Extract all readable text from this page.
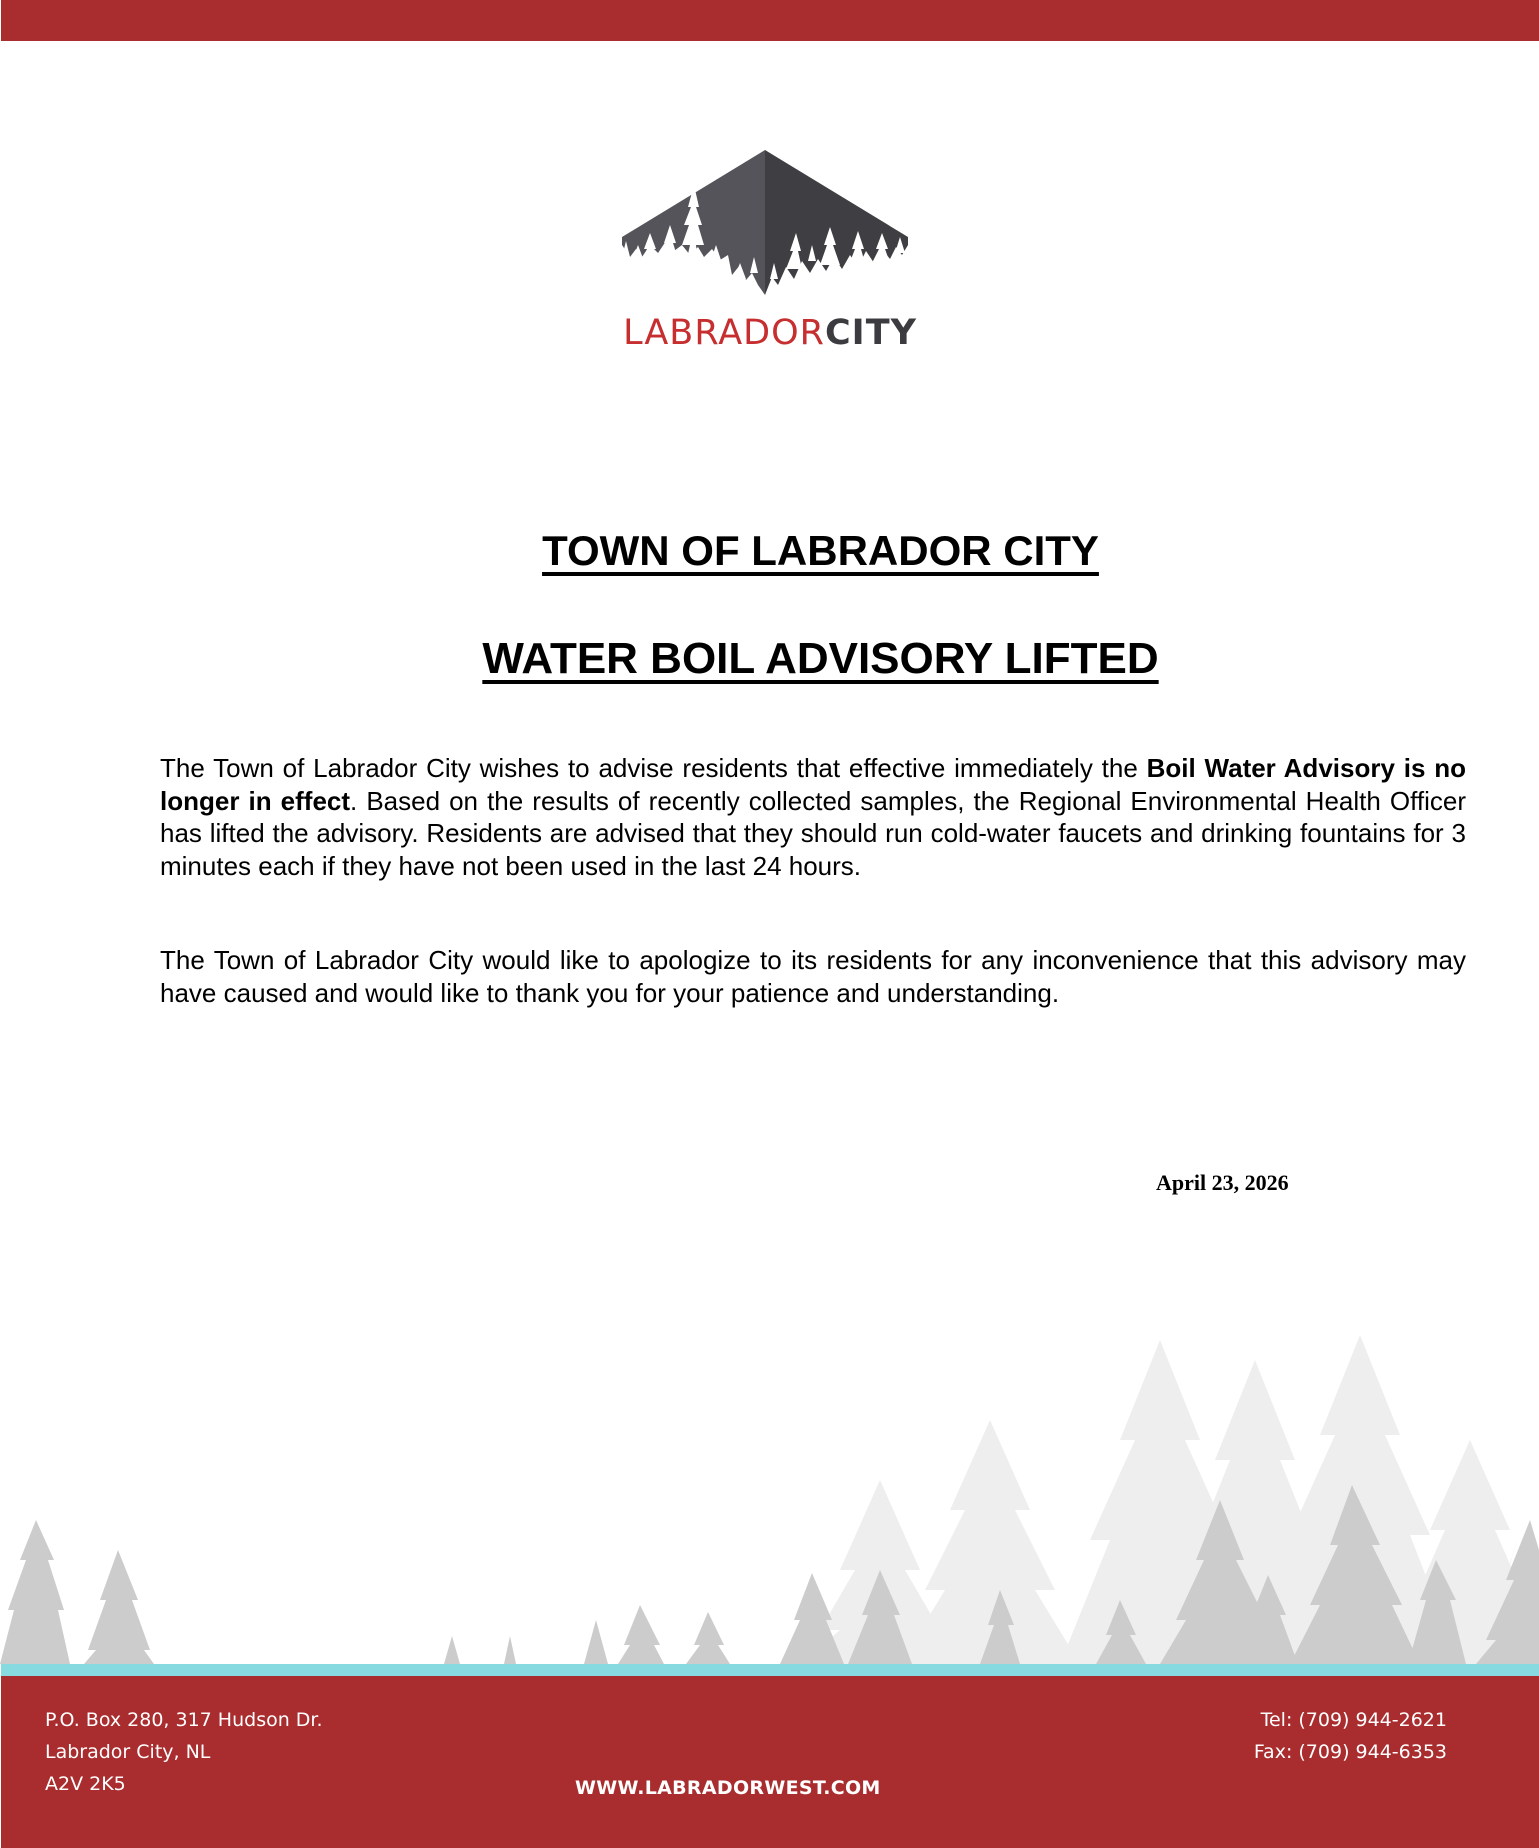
LABRADORCITY
TOWN OF LABRADOR CITY
WATER BOIL ADVISORY LIFTED

The Town of Labrador City wishes to advise residents that effective immediately the Boil Water Advisory is no longer in effect. Based on the results of recently collected samples, the Regional Environmental Health Officer has lifted the advisory. Residents are advised that they should run cold-water faucets and drinking fountains for 3 minutes each if they have not been used in the last 24 hours.

The Town of Labrador City would like to apologize to its residents for any inconvenience that this advisory may have caused and would like to thank you for your patience and understanding.

April 23, 2026
P.O. Box 280, 317 Hudson Dr.
Labrador City, NL
A2V 2K5
Tel: (709) 944-2621
Fax: (709) 944-6353
WWW.LABRADORWEST.COM
